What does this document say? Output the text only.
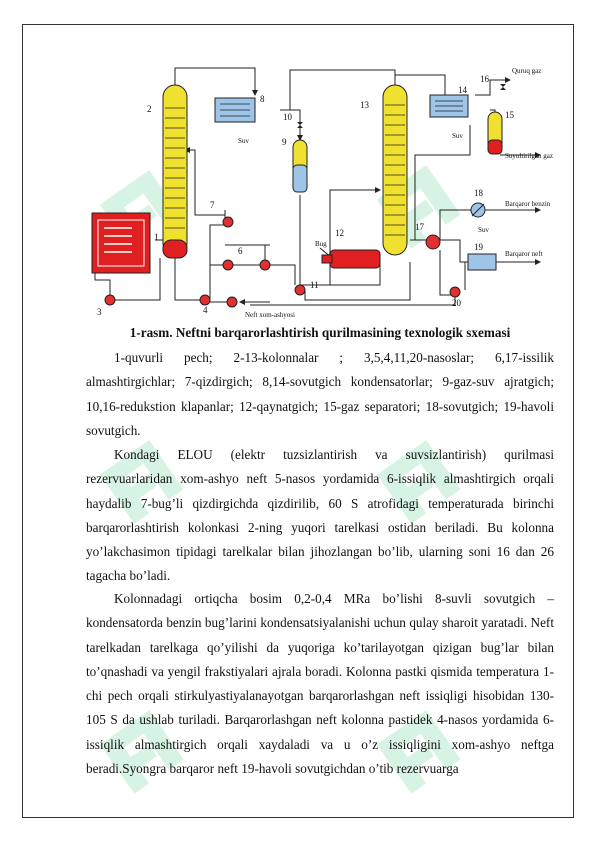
1
2
3	4
6
7
8
9
10
11
12
13
14
15
16
17
18
19
20
Suv
Suv
Suv
Quruq gaz
Suyultirilgan gaz
Barqaror benzin
Barqaror neft
Bug
Neft xom-ashyosi
1-rasm. Neftni barqarorlashtirish qurilmasining texnologik sxemasi

1-quvurli pech; 2-13-kolonnalar ; 3,5,4,11,20-nasoslar; 6,17-issilik almashtirgichlar; 7-qizdirgich; 8,14-sovutgich kondensatorlar; 9-gaz-suv ajratgich; 10,16-redukstion klapanlar; 12-qaynatgich; 15-gaz separatori; 18-sovutgich; 19-havoli sovutgich.

Kondagi ELOU (elektr tuzsizlantirish va suvsizlantirish) qurilmasi rezervuarlaridan xom-ashyo neft 5-nasos yordamida 6-issiqlik almashtirgich orqali haydalib 7-bug’li qizdirgichda qizdirilib, 60 S atrofidagi temperaturada birinchi barqarorlashtirish kolonkasi 2-ning yuqori tarelkasi ostidan beriladi. Bu kolonna yo’lakchasimon tipidagi tarelkalar bilan jihozlangan bo’lib, ularning soni 16 dan 26 tagacha bo’ladi.

Kolonnadagi ortiqcha bosim 0,2-0,4 MRa bo’lishi 8-suvli sovutgich – kondensatorda benzin bug’larini kondensatsiyalanishi uchun qulay sharoit yaratadi. Neft tarelkadan tarelkaga qo’yilishi da yuqoriga ko’tarilayotgan qizigan bug’lar bilan to’qnashadi va yengil frakstiyalari ajrala boradi. Kolonna pastki qismida temperatura 1-chi pech orqali stirkulyastiyalanayotgan barqarorlashgan neft issiqligi hisobidan 130-105 S da ushlab turiladi. Barqarorlashgan neft kolonna pastidek 4-nasos yordamida 6-issiqlik almashtirgich orqali xaydaladi va u o’z issiqligini xom-ashyo neftga beradi.Syongra barqaror neft 19-havoli sovutgichdan o’tib rezervuarga
